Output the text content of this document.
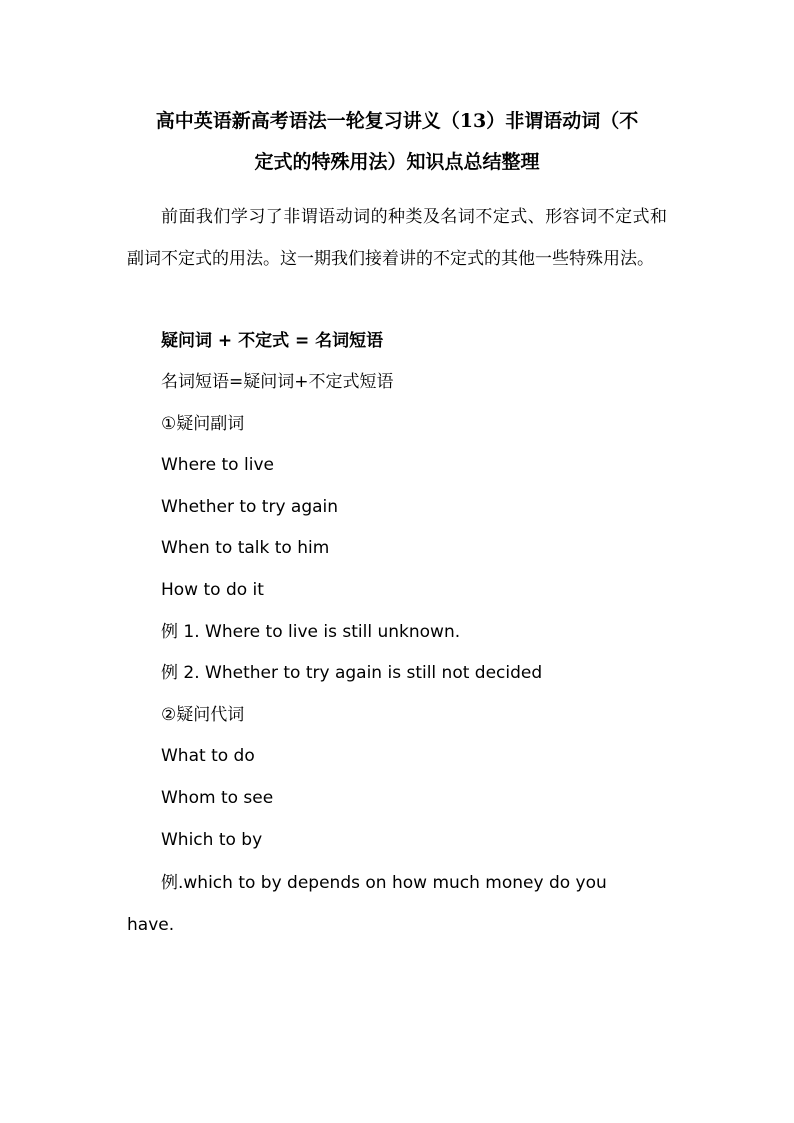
高中英语新高考语法一轮复习讲义（13）非谓语动词（不
定式的特殊用法）知识点总结整理

前面我们学习了非谓语动词的种类及名词不定式、形容词不定式和副词不定式的用法。这一期我们接着讲的不定式的其他一些特殊用法。

疑问词 + 不定式 = 名词短语
名词短语=疑问词+不定式短语
①疑问副词
Where to live
Whether to try again
When to talk to him
How to do it
例 1. Where to live is still unknown.
例 2. Whether to try again is still not decided
②疑问代词
What to do
Whom to see
Which to by

例.which to by depends on how much money do you have.
